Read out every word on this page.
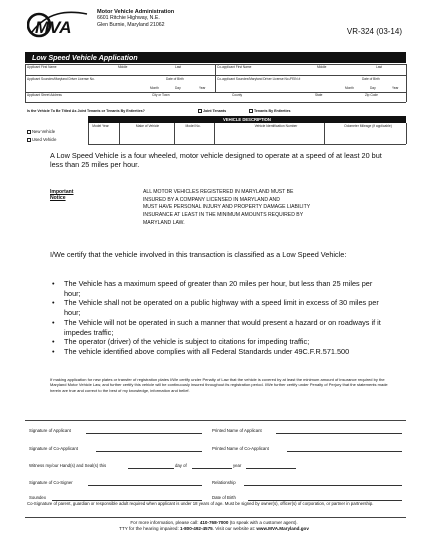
MVA
Motor Vehicle Administration
6601 Ritchie Highway, N.E.
Glen Burnie, Maryland 21062
VR-324 (03-14)
Low Speed Vehicle Application
Applicant First Name	Middle	Last	Co-applicant First Name	Middle	Last
Applicant Soundex/Maryland Driver License No.	Date of Birth
Month	Day	Year
Co-applicant Soundex/Maryland Driver License No./FEIN #	Date of Birth
Month	Day	Year
Applicant Street Address	City or Town	County	State	Zip Code
Is the Vehicle To Be Titled As Joint Tenants or Tenants By Entireties?	Joint Tenants	Tenants By Entireties
VEHICLE DESCRIPTION
Model Year	Make of Vehicle	Model No.	Vehicle Identification Number	Odometer Mileage (if applicable)
New Vehicle
Used Vehicle
A Low Speed Vehicle is a four wheeled, motor vehicle designed to operate at a speed of at least 20 but less than 25 miles per hour.
Important
Notice
ALL MOTOR VEHICLES REGISTERED IN MARYLAND MUST BE
INSURED BY A COMPANY LICENSED IN MARYLAND AND
MUST HAVE PERSONAL INJURY AND PROPERTY DAMAGE LIABILITY
INSURANCE AT LEAST IN THE MINIMUM AMOUNTS REQUIRED BY
MARYLAND LAW.
I/We certify that the vehicle involved in this transaction is classified as a Low Speed Vehicle:
• The Vehicle has a maximum speed of greater than 20 miles per hour, but less than 25 miles per hour;
• The Vehicle shall not be operated on a public highway with a speed limit in excess of 30 miles per hour;
• The Vehicle will not be operated in such a manner that would present a hazard or on roadways if it impedes traffic;
• The operator (driver) of the vehicle is subject to citations for impeding traffic;
• The vehicle identified above complies with all Federal Standards under 49C.F.R.571.500
If making application for new plates or transfer of registration plates I/We certify under Penalty of Law that the vehicle is covered by at least the minimum amount of insurance required by the Maryland Motor Vehicle Law, and further certify this vehicle will be continuously insured throughout its registration period. I/We further certify under Penalty of Perjury that the statements made herein are true and correct to the best of my knowledge, information and belief.
Signature of Applicant	Printed Name of Applicant
Signature of Co-Applicant	Printed Name of Co-Applicant
Witness my/our Hand(s) and Seal(s) this	day of	year
Signature of Co-Signer	Relationship
Soundex	Date of Birth
Co-Signature of parent, guardian or responsible adult required when applicant is under 18 years of age. Must be signed by owner(s), officer(s) of corporation, or partner in partnership.
For more information, please call: 410-768-7000 (to speak with a customer agent).
TTY for the hearing impaired: 1-800-492-4575. Visit our website at: www.MVA.Maryland.gov
